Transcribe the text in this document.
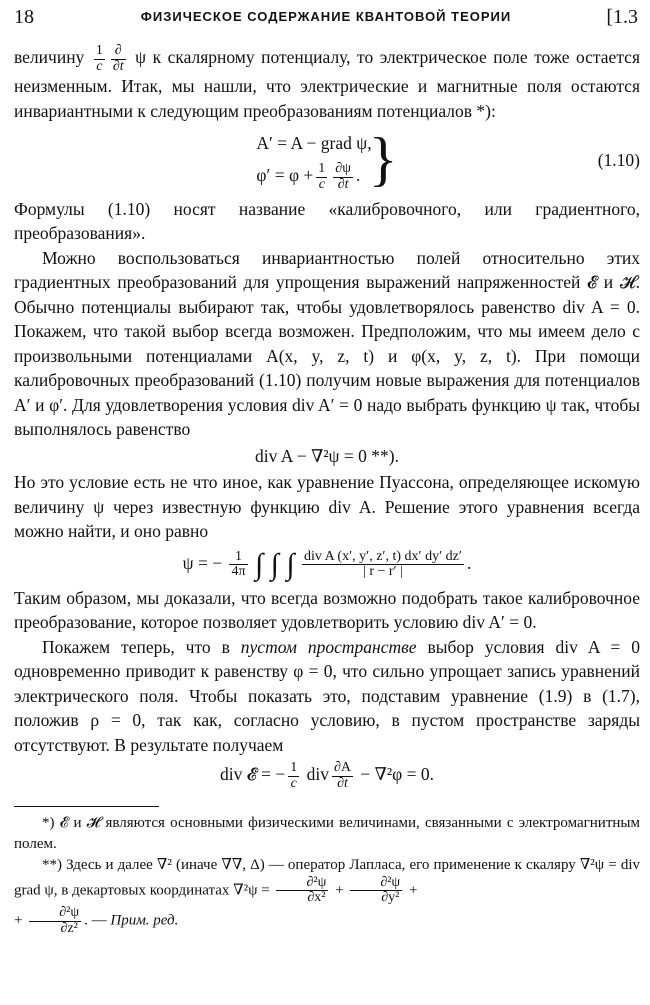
18	ФИЗИЧЕСКОЕ СОДЕРЖАНИЕ КВАНТОВОЙ ТЕОРИИ	[1.3

величину $\frac{1}{c} \frac{\partial}{\partial t}$ ψ к скалярному потенциалу, то электрическое поле тоже остается неизменным. Итак, мы нашли, что электрические и магнитные поля остаются инвариантными к следующим преобразованиям потенциалов *):

A′ = A − grad ψ,
$\varphi' = \varphi + \frac{1}{c} \frac{\partial\psi}{\partial t}$ . }	(1.10)

Формулы (1.10) носят название «калибровочного, или градиентного, преобразования».

Можно воспользоваться инвариантностью полей относительно этих градиентных преобразований для упрощения выражений напряженностей 𝓔 и 𝓗. Обычно потенциалы выбирают так, чтобы удовлетворялось равенство div A = 0. Покажем, что такой выбор всегда возможен. Предположим, что мы имеем дело с произвольными потенциалами A(x, y, z, t) и φ(x, y, z, t). При помощи калибровочных преобразований (1.10) получим новые выражения для потенциалов A′ и φ′. Для удовлетворения условия div A′ = 0 надо выбрать функцию ψ так, чтобы выполнялось равенство

div A − ∇²ψ = 0 **).

Но это условие есть не что иное, как уравнение Пуассона, определяющее искомую величину ψ через известную функцию div A. Решение этого уравнения всегда можно найти, и оно равно

ψ = − $\frac{1}{4\pi}$ ∫ ∫ ∫ $\frac{\text{div A (x′, y′, z′, t) dx′ dy′ dz′}}{| r - r' |}$ .

Таким образом, мы доказали, что всегда возможно подобрать такое калибровочное преобразование, которое позволяет удовлетворить условию div A′ = 0.

Покажем теперь, что в пустом пространстве выбор условия div A = 0 одновременно приводит к равенству φ = 0, что сильно упрощает запись уравнений электрического поля. Чтобы показать это, подставим уравнение (1.9) в (1.7), положив ρ = 0, так как, согласно условию, в пустом пространстве заряды отсутствуют. В результате получаем

div 𝓔 = − $\frac{1}{c}$ div $\frac{\partial A}{\partial t} - \nabla^2\varphi = 0$.

*) 𝓔 и 𝓗 являются основными физическими величинами, связанными с электромагнитным полем.

**) Здесь и далее ∇² (иначе ∇∇, Δ) — оператор Лапласа, его применение к скаляру ∇²ψ = div grad ψ, в декартовых координатах $\nabla^2\psi = \frac{\text{∂²ψ}}{\text{∂x²}} + \frac{\text{∂²ψ}}{\text{∂y²}}$ +
+ $\frac{\text{∂²ψ}}{\text{∂z²}}$ . — Прим. ред.
